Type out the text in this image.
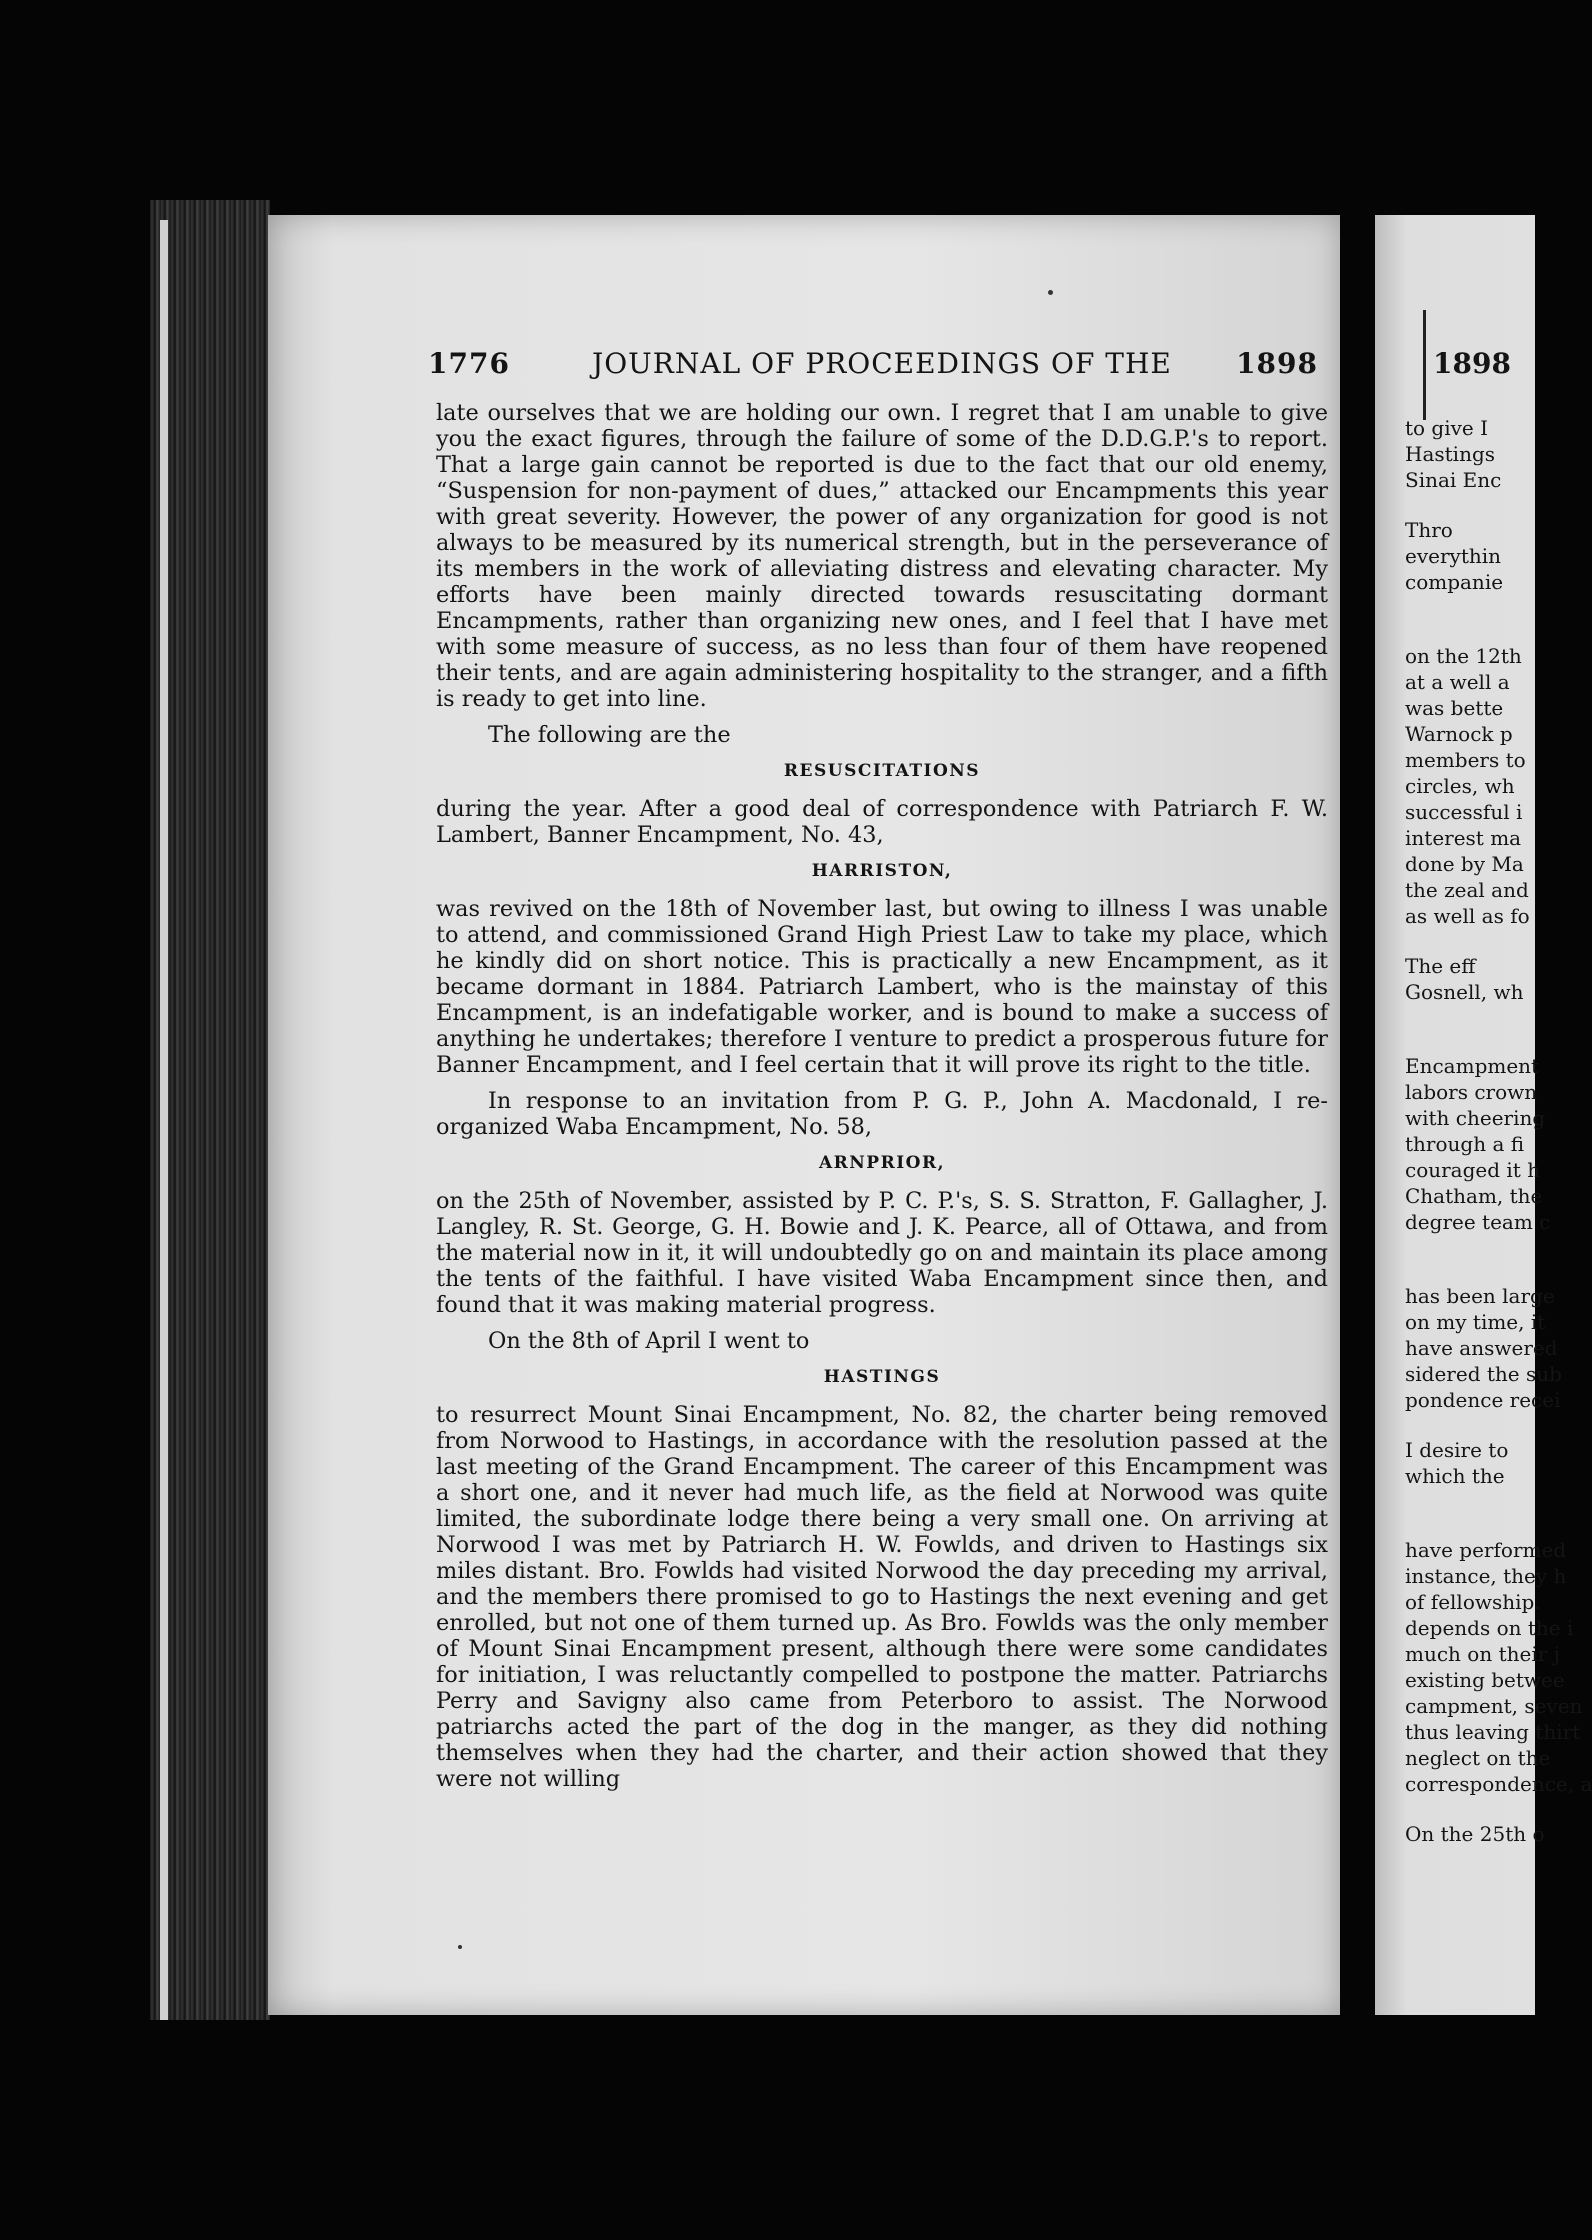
1776	JOURNAL OF PROCEEDINGS OF THE 1898

late ourselves that we are holding our own. I regret that I am unable to give you the exact figures, through the failure of some of the D.D.G.P.'s to report. That a large gain cannot be reported is due to the fact that our old enemy, “Suspension for non-payment of dues,” attacked our Encampments this year with great severity. However, the power of any organization for good is not always to be measured by its numerical strength, but in the perseverance of its members in the work of alleviating distress and elevating character. My efforts have been mainly directed towards resuscitating dormant Encampments, rather than organizing new ones, and I feel that I have met with some measure of success, as no less than four of them have reopened their tents, and are again administering hospitality to the stranger, and a fifth is ready to get into line.

The following are the

RESUSCITATIONS

during the year. After a good deal of correspondence with Patriarch F. W. Lambert, Banner Encampment, No. 43,

HARRISTON,

was revived on the 18th of November last, but owing to illness I was unable to attend, and commissioned Grand High Priest Law to take my place, which he kindly did on short notice. This is practically a new Encampment, as it became dormant in 1884. Patriarch Lambert, who is the mainstay of this Encampment, is an indefatigable worker, and is bound to make a success of anything he undertakes; therefore I venture to predict a prosperous future for Banner Encampment, and I feel certain that it will prove its right to the title.

In response to an invitation from P. G. P., John A. Macdonald, I re-organized Waba Encampment, No. 58,

ARNPRIOR,

on the 25th of November, assisted by P. C. P.'s, S. S. Stratton, F. Gallagher, J. Langley, R. St. George, G. H. Bowie and J. K. Pearce, all of Ottawa, and from the material now in it, it will undoubtedly go on and maintain its place among the tents of the faithful. I have visited Waba Encampment since then, and found that it was making material progress.

On the 8th of April I went to

HASTINGS

to resurrect Mount Sinai Encampment, No. 82, the charter being removed from Norwood to Hastings, in accordance with the resolution passed at the last meeting of the Grand Encampment. The career of this Encampment was a short one, and it never had much life, as the field at Norwood was quite limited, the subordinate lodge there being a very small one. On arriving at Norwood I was met by Patriarch H. W. Fowlds, and driven to Hastings six miles distant. Bro. Fowlds had visited Norwood the day preceding my arrival, and the members there promised to go to Hastings the next evening and get enrolled, but not one of them turned up. As Bro. Fowlds was the only member of Mount Sinai Encampment present, although there were some candidates for initiation, I was reluctantly compelled to postpone the matter. Patriarchs Perry and Savigny also came from Peterboro to assist. The Norwood patriarchs acted the part of the dog in the manger, as they did nothing themselves when they had the charter, and their action showed that they were not willing

1898
to give I
Hastings
Sinai Enc
Thro
everythin
companie
on the 12th
at a well a
was bette
Warnock p
members to
circles, wh
successful i
interest ma
done by Ma
the zeal and
as well as fo
The eff
Gosnell, wh
Encampment
labors crown
with cheering
through a fi
couraged it h
Chatham, the
degree team c
has been large
on my time, it
have answered
sidered the sub
pondence recei
I desire to
which the
have performed
instance, they h
of fellowship.
depends on the i
much on their j
existing betwee
campment, seven
thus leaving thirt
neglect on the
correspondence, a
On the 25th o
